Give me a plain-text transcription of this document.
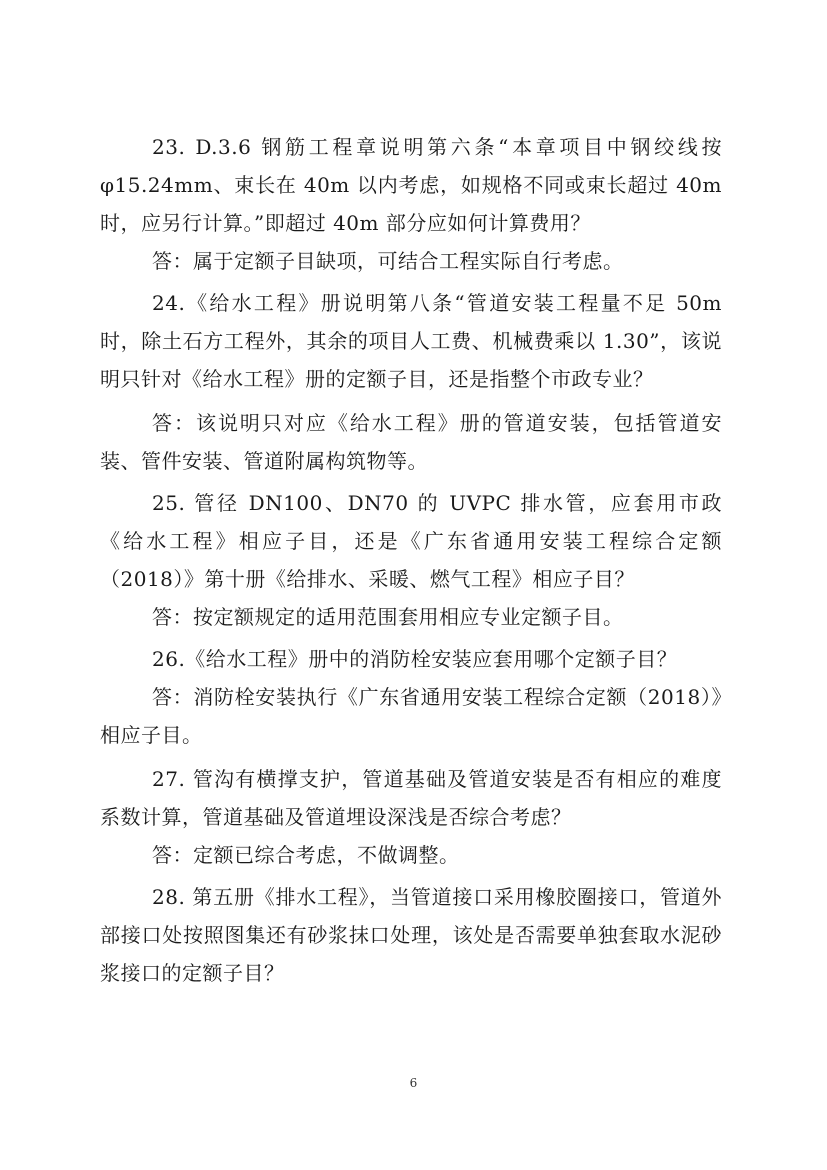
23. D.3.6 钢筋工程章说明第六条“本章项目中钢绞线按φ15.24mm、束长在 40m 以内考虑，如规格不同或束长超过 40m 时，应另行计算。”即超过 40m 部分应如何计算费用？

答：属于定额子目缺项，可结合工程实际自行考虑。

24.《给水工程》册说明第八条“管道安装工程量不足 50m 时，除土石方工程外，其余的项目人工费、机械费乘以 1.30”，该说明只针对《给水工程》册的定额子目，还是指整个市政专业？

答：该说明只对应《给水工程》册的管道安装，包括管道安装、管件安装、管道附属构筑物等。

25. 管径 DN100、DN70 的 UVPC 排水管，应套用市政《给水工程》相应子目，还是《广东省通用安装工程综合定额（2018）》第十册《给排水、采暖、燃气工程》相应子目？

答：按定额规定的适用范围套用相应专业定额子目。

26.《给水工程》册中的消防栓安装应套用哪个定额子目？

答：消防栓安装执行《广东省通用安装工程综合定额（2018）》相应子目。

27. 管沟有横撑支护，管道基础及管道安装是否有相应的难度系数计算，管道基础及管道埋设深浅是否综合考虑？

答：定额已综合考虑，不做调整。

28. 第五册《排水工程》，当管道接口采用橡胶圈接口，管道外部接口处按照图集还有砂浆抹口处理，该处是否需要单独套取水泥砂浆接口的定额子目？

6
